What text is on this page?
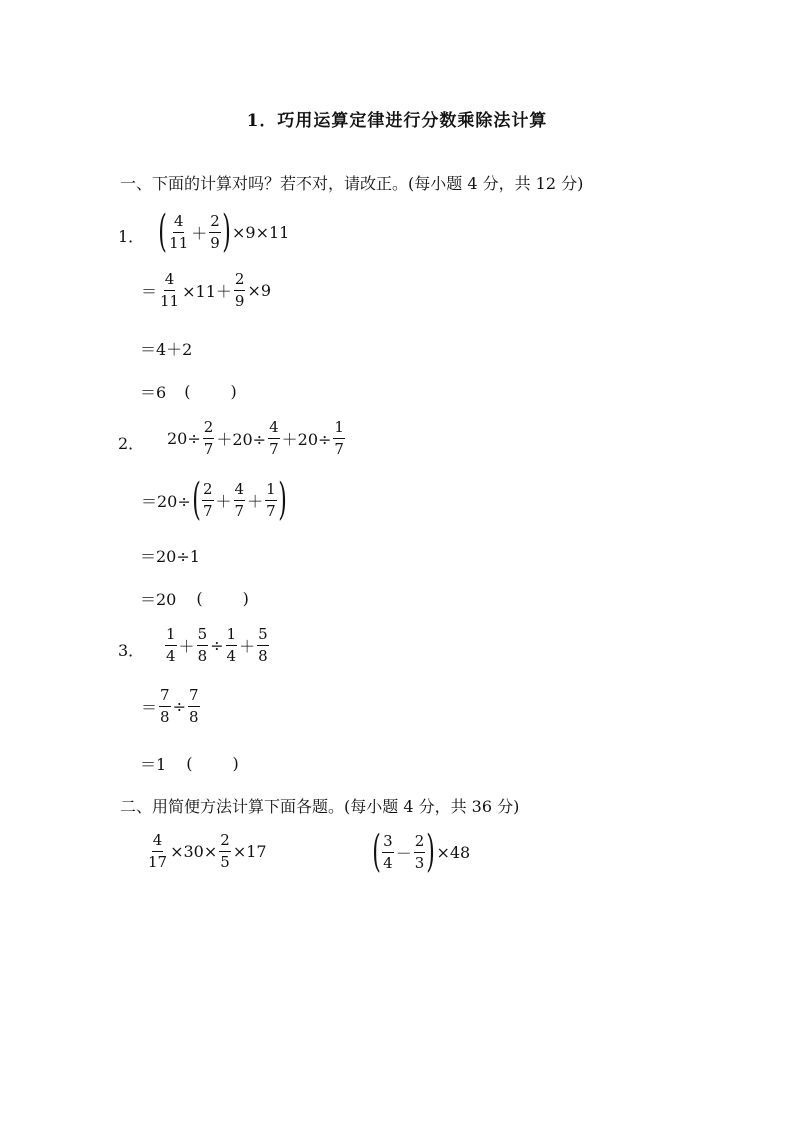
1．巧用运算定律进行分数乘除法计算
一、下面的计算对吗？若不对，请改正。(每小题 4 分，共 12 分)
1． ( $\frac{4}{11} + \frac{2}{9}$ ) ×9×11
＝ $\frac{4}{11} \times 11+ \frac{2}{9} \times 9$
＝4＋2
＝6 (	)
2． $20\div \frac{2}{7} +20\div \frac{4}{7} +20\div \frac{1}{7}$
＝20÷ ( $\frac{2}{7} + \frac{4}{7} + \frac{1}{7}$ )
＝20÷1
＝20 (	)
3． $\frac{1}{4} + \frac{5}{8} \div \frac{1}{4} + \frac{5}{8}$
＝ $\frac{7}{8} \div \frac{7}{8}$
＝1 (	)
二、用简便方法计算下面各题。(每小题 4 分，共 36 分)
$\frac{4}{17} \times 30\times \frac{2}{5} \times 17$ ( $\frac{3}{4} - \frac{2}{3}$ ) ×48
